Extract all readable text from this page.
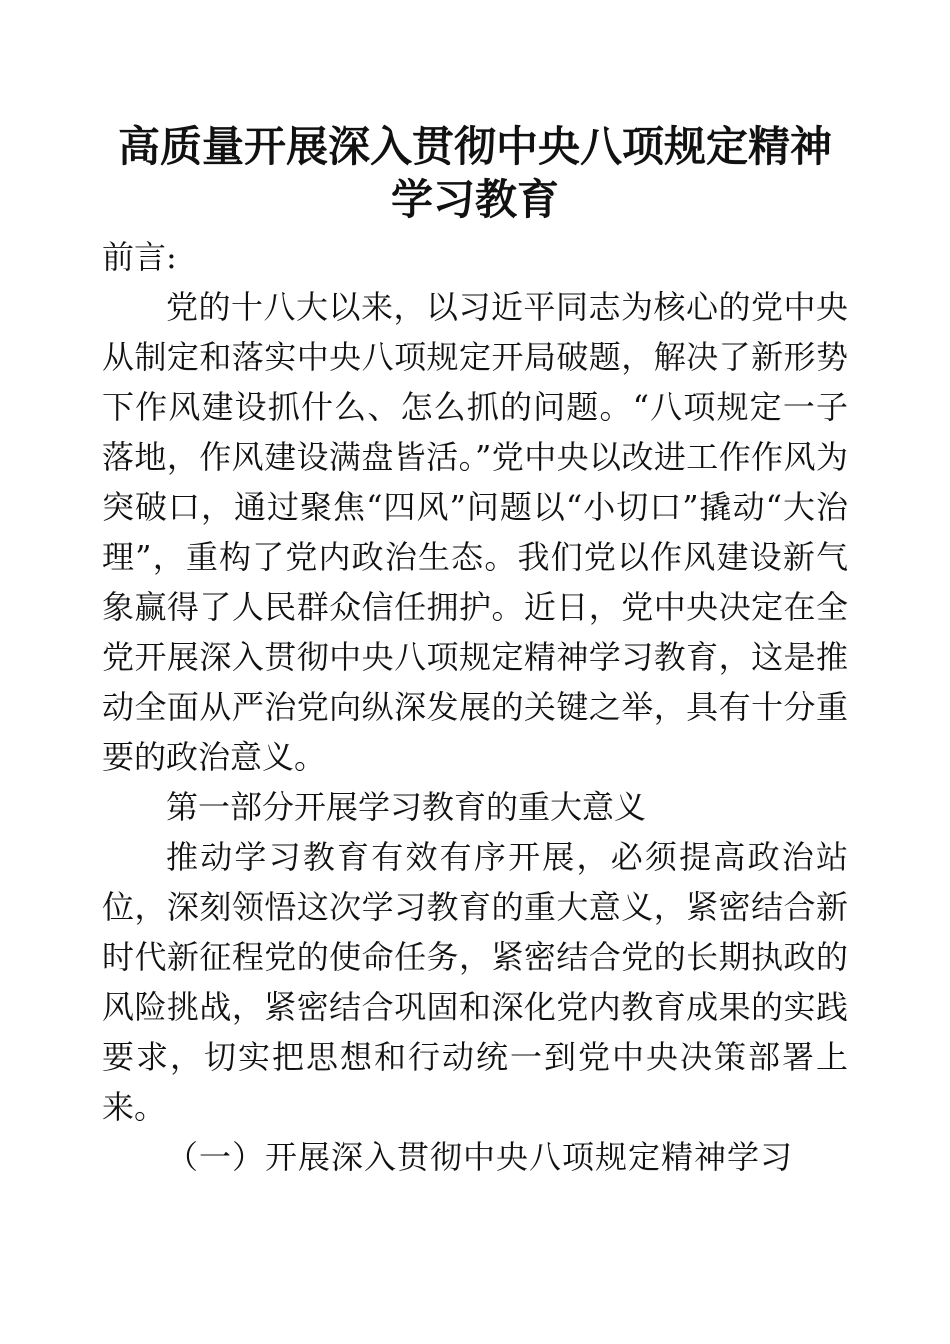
高质量开展深入贯彻中央八项规定精神学习教育

前言:

党的十八大以来，以习近平同志为核心的党中央从制定和落实中央八项规定开局破题，解决了新形势下作风建设抓什么、怎么抓的问题。“八项规定一子落地，作风建设满盘皆活。”党中央以改进工作作风为突破口，通过聚焦“四风”问题以“小切口”撬动“大治理”，重构了党内政治生态。我们党以作风建设新气象赢得了人民群众信任拥护。近日，党中央决定在全党开展深入贯彻中央八项规定精神学习教育，这是推动全面从严治党向纵深发展的关键之举，具有十分重要的政治意义。

第一部分开展学习教育的重大意义

推动学习教育有效有序开展，必须提高政治站位，深刻领悟这次学习教育的重大意义，紧密结合新时代新征程党的使命任务，紧密结合党的长期执政的风险挑战，紧密结合巩固和深化党内教育成果的实践要求，切实把思想和行动统一到党中央决策部署上来。

（一）开展深入贯彻中央八项规定精神学习
